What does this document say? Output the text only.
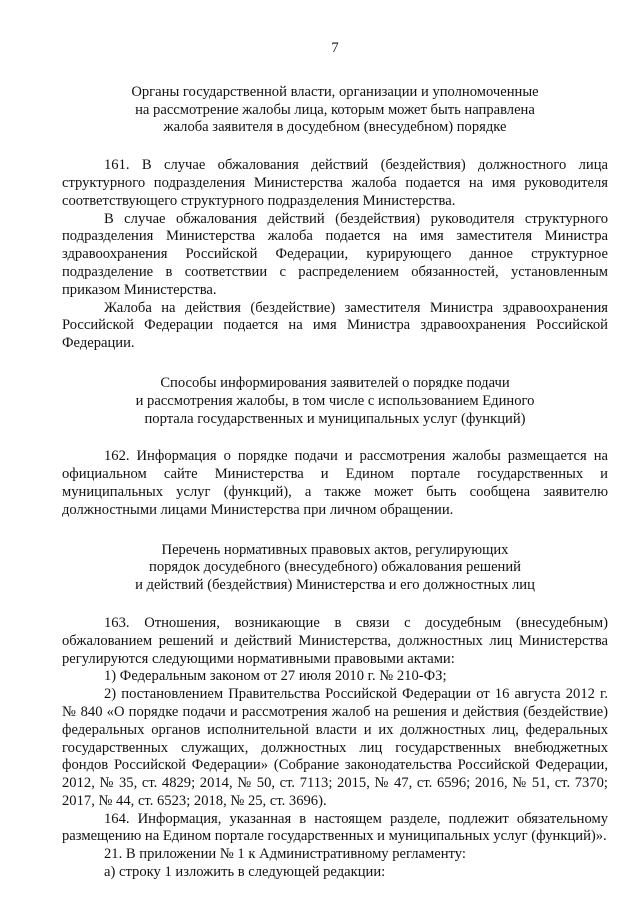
7
Органы государственной власти, организации и уполномоченные
на рассмотрение жалобы лица, которым может быть направлена
жалоба заявителя в досудебном (внесудебном) порядке

161. В случае обжалования действий (бездействия) должностного лица структурного подразделения Министерства жалоба подается на имя руководителя соответствующего структурного подразделения Министерства.

В случае обжалования действий (бездействия) руководителя структурного подразделения Министерства жалоба подается на имя заместителя Министра здравоохранения Российской Федерации, курирующего данное структурное подразделение в соответствии с распределением обязанностей, установленным приказом Министерства.

Жалоба на действия (бездействие) заместителя Министра здравоохранения Российской Федерации подается на имя Министра здравоохранения Российской Федерации.

Способы информирования заявителей о порядке подачи
и рассмотрения жалобы, в том числе с использованием Единого
портала государственных и муниципальных услуг (функций)

162. Информация о порядке подачи и рассмотрения жалобы размещается на официальном сайте Министерства и Едином портале государственных и муниципальных услуг (функций), а также может быть сообщена заявителю должностными лицами Министерства при личном обращении.

Перечень нормативных правовых актов, регулирующих
порядок досудебного (внесудебного) обжалования решений
и действий (бездействия) Министерства и его должностных лиц

163. Отношения, возникающие в связи с досудебным (внесудебным) обжалованием решений и действий Министерства, должностных лиц Министерства регулируются следующими нормативными правовыми актами:

1) Федеральным законом от 27 июля 2010 г. № 210-ФЗ;

2) постановлением Правительства Российской Федерации от 16 августа 2012 г. № 840 «О порядке подачи и рассмотрения жалоб на решения и действия (бездействие) федеральных органов исполнительной власти и их должностных лиц, федеральных государственных служащих, должностных лиц государственных внебюджетных фондов Российской Федерации» (Собрание законодательства Российской Федерации, 2012, № 35, ст. 4829; 2014, № 50, ст. 7113; 2015, № 47, ст. 6596; 2016, № 51, ст. 7370; 2017, № 44, ст. 6523; 2018, № 25, ст. 3696).

164. Информация, указанная в настоящем разделе, подлежит обязательному размещению на Едином портале государственных и муниципальных услуг (функций)».

21. В приложении № 1 к Административному регламенту:

а) строку 1 изложить в следующей редакции:
